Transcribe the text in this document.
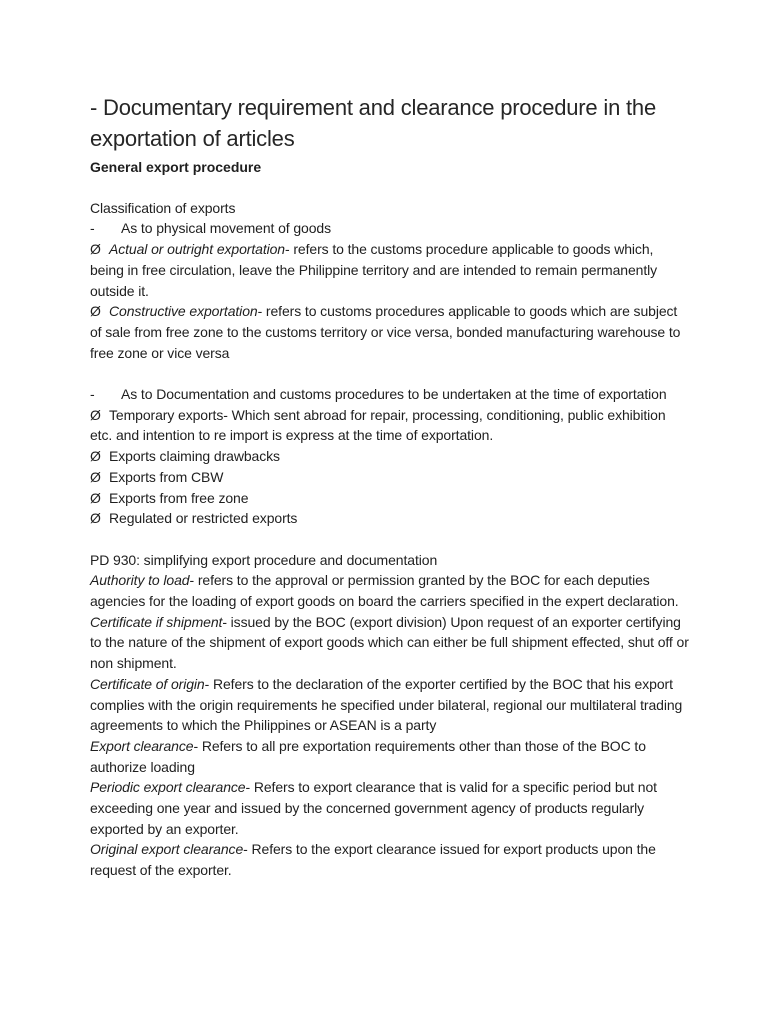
- Documentary requirement and clearance procedure in the exportation of articles
General export procedure
Classification of exports
-	As to physical movement of goods
Ø Actual or outright exportation- refers to the customs procedure applicable to goods which, being in free circulation, leave the Philippine territory and are intended to remain permanently outside it.
Ø Constructive exportation- refers to customs procedures applicable to goods which are subject of sale from free zone to the customs territory or vice versa, bonded manufacturing warehouse to free zone or vice versa
-	As to Documentation and customs procedures to be undertaken at the time of exportation
Ø Temporary exports- Which sent abroad for repair, processing, conditioning, public exhibition etc. and intention to re import is express at the time of exportation.
Ø Exports claiming drawbacks
Ø Exports from CBW
Ø Exports from free zone
Ø Regulated or restricted exports
PD 930: simplifying export procedure and documentation
Authority to load- refers to the approval or permission granted by the BOC for each deputies agencies for the loading of export goods on board the carriers specified in the expert declaration.
Certificate if shipment- issued by the BOC (export division) Upon request of an exporter certifying to the nature of the shipment of export goods which can either be full shipment effected, shut off or non shipment.
Certificate of origin- Refers to the declaration of the exporter certified by the BOC that his export complies with the origin requirements he specified under bilateral, regional our multilateral trading agreements to which the Philippines or ASEAN is a party
Export clearance- Refers to all pre exportation requirements other than those of the BOC to authorize loading
Periodic export clearance- Refers to export clearance that is valid for a specific period but not exceeding one year and issued by the concerned government agency of products regularly exported by an exporter.
Original export clearance- Refers to the export clearance issued for export products upon the request of the exporter.
